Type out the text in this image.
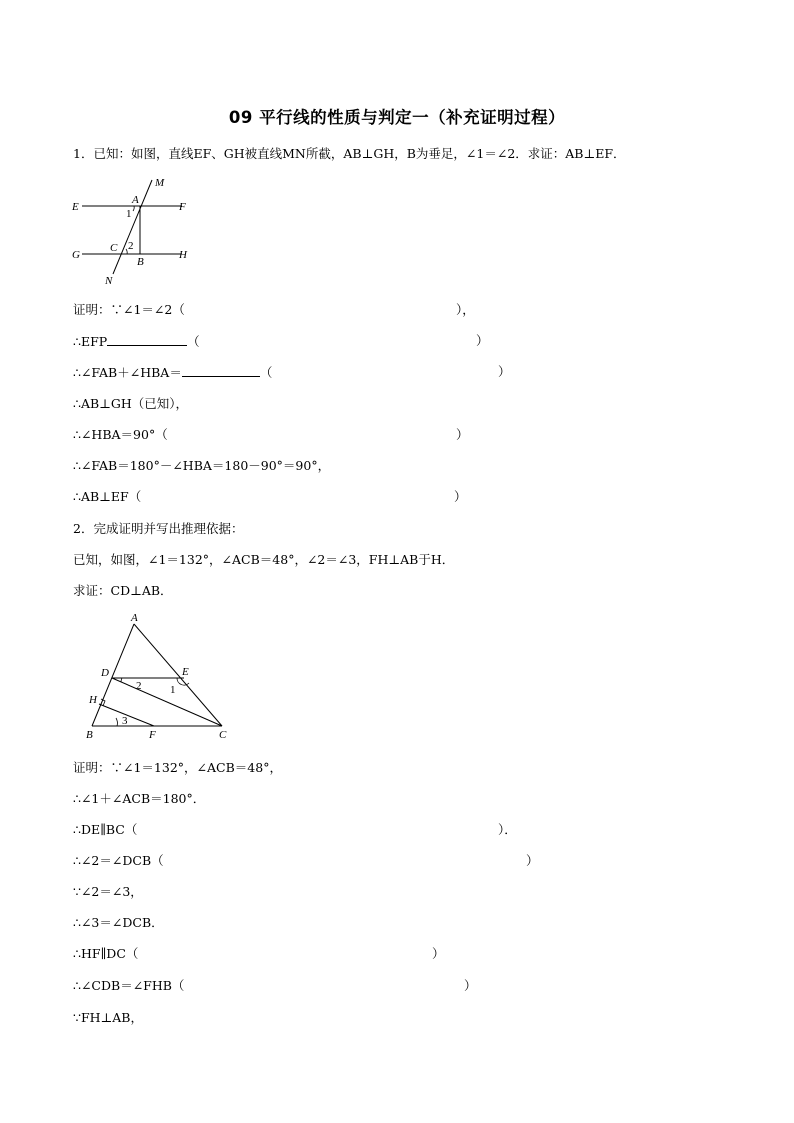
09 平行线的性质与判定一（补充证明过程）
1．已知：如图，直线EF、GH被直线MN所截，AB⊥GH，B为垂足，∠1＝∠2．求证：AB⊥EF．
M
A
E	F
1
C 2
G
B
H
N
证明：∵∠1＝∠2（	），
∴EFP	（	）
∴∠FAB＋∠HBA＝	（	）
∴AB⊥GH（已知），
∴∠HBA＝90°（	）
∴∠FAB＝180°－∠HBA＝180－90°＝90°，
∴AB⊥EF（	）
2．完成证明并写出推理依据：
已知，如图，∠1＝132°，∠ACB＝48°，∠2＝∠3，FH⊥AB于H．
求证：CD⊥AB．
A
D	E
2	1
H
3
B	F	C
证明：∵∠1＝132°，∠ACB＝48°，
∴∠1＋∠ACB＝180°．
∴DE∥BC（	）．
∴∠2＝∠DCB（	）
∵∠2＝∠3，
∴∠3＝∠DCB．
∴HF∥DC（	）
∴∠CDB＝∠FHB（	）
∵FH⊥AB，
